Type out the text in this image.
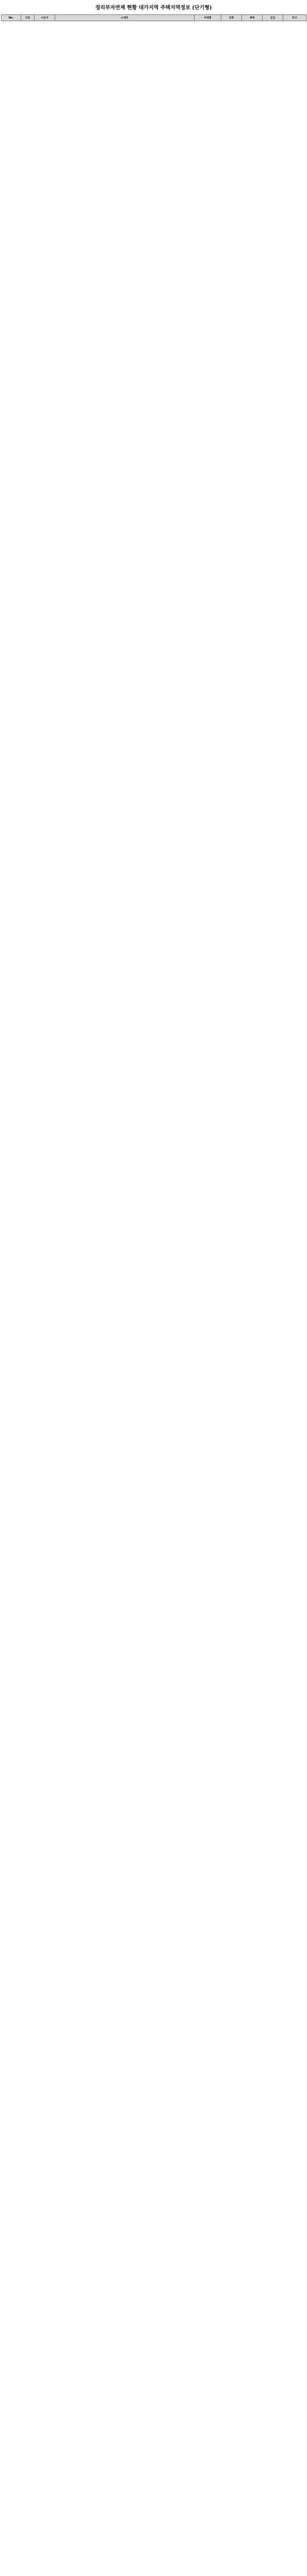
정리부자연재 현황 대가지역 주택지역정보 (단기형)
No.	구분	시군구	소재지	주택형	건축	세대	공급	비고
